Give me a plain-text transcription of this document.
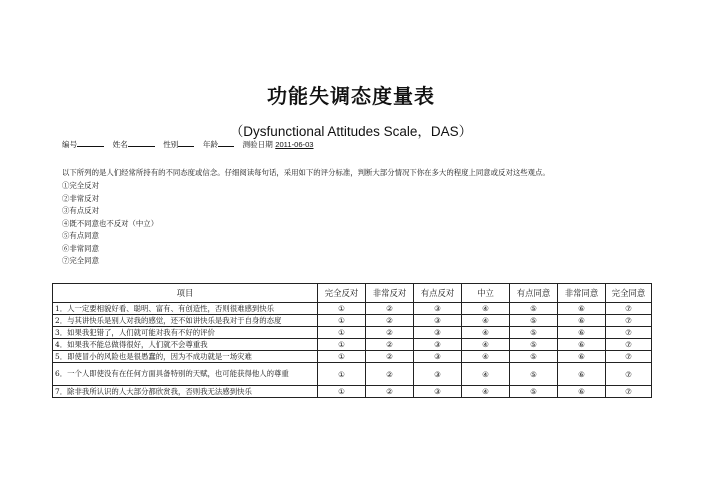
功能失调态度量表
（Dysfunctional Attitudes Scale，DAS）
编号	姓名	性别	年龄	测验日期 2011-06-03
以下所列的是人们经常所持有的不同态度或信念。仔细阅读每句话，采用如下的评分标准，判断大部分情况下你在多大的程度上同意或反对这些观点。
①完全反对
②非常反对
③有点反对
④既不同意也不反对（中立）
⑤有点同意
⑥非常同意
⑦完全同意
项目	完全反对	非常反对	有点反对	中立	有点同意	非常同意	完全同意
1．人一定要相貌好看、聪明、富有、有创造性，否则很难感到快乐	①	②	③	④	⑤	⑥	⑦
2．与其讲快乐是别人对我的感觉，还不如讲快乐是我对于自身的态度	①	②	③	④	⑤	⑥	⑦
3．如果我犯错了，人们就可能对我有不好的评价	①	②	③	④	⑤	⑥	⑦
4．如果我不能总做得很好，人们就不会尊重我	①	②	③	④	⑤	⑥	⑦
5．即使冒小的风险也是很愚蠢的，因为不成功就是一场灾难	①	②	③	④	⑤	⑥	⑦
6．一个人即使没有在任何方面具备特别的天赋，也可能获得他人的尊重	①	②	③	④	⑤	⑥	⑦
7．除非我所认识的人大部分都欣赏我，否则我无法感到快乐	①	②	③	④	⑤	⑥	⑦
